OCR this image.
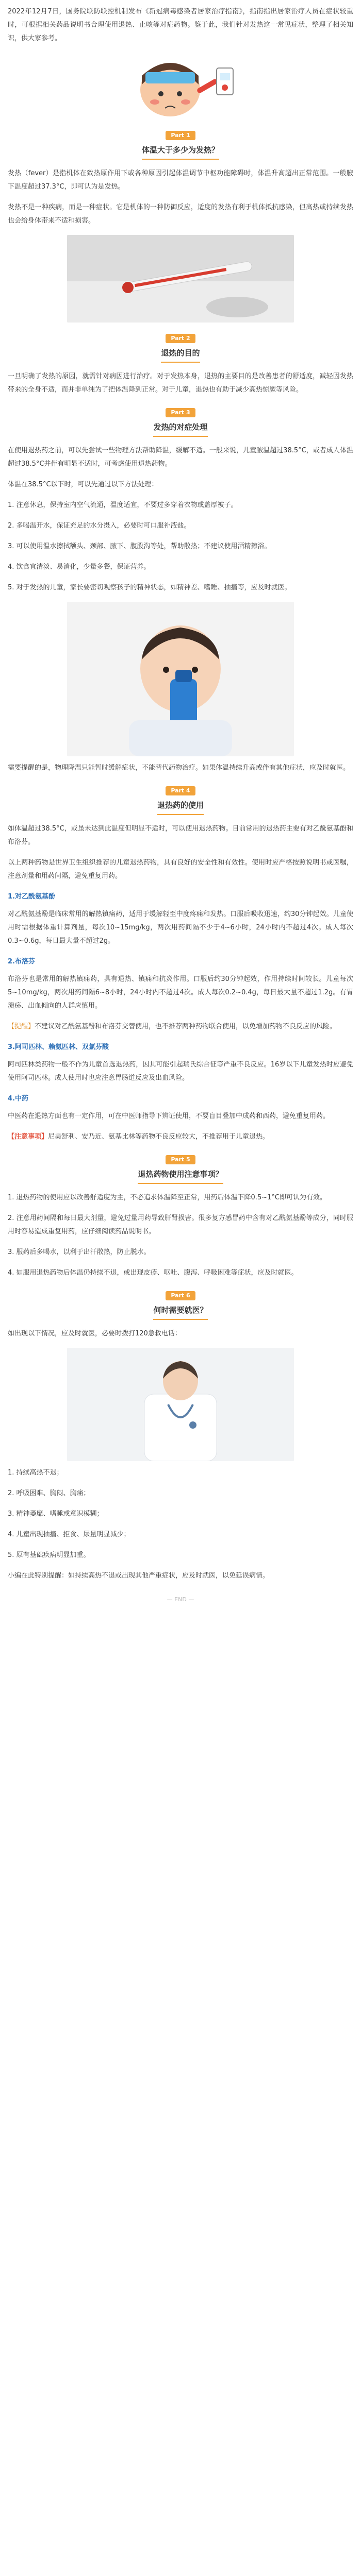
2022年12月7日，国务院联防联控机制发布《新冠病毒感染者居家治疗指南》，指南指出居家治疗人员在症状较重时，可根据相关药品说明书合理使用退热、止咳等对症药物。鉴于此，我们针对发热这一常见症状，整理了相关知识，供大家参考。

Part 1
体温大于多少为发热？

发热（fever）是指机体在致热原作用下或各种原因引起体温调节中枢功能障碍时，体温升高超出正常范围。一般腋下温度超过37.3°C，即可认为是发热。

发热不是一种疾病，而是一种症状。它是机体的一种防御反应，适度的发热有利于机体抵抗感染，但高热或持续发热也会给身体带来不适和损害。

Part 2
退热的目的

一旦明确了发热的原因，就需针对病因进行治疗。对于发热本身，退热的主要目的是改善患者的舒适度，减轻因发热带来的全身不适，而并非单纯为了把体温降到正常。对于儿童，退热也有助于减少高热惊厥等风险。

Part 3
发热的对症处理

在使用退热药之前，可以先尝试一些物理方法帮助降温，缓解不适。一般来说，儿童腋温超过38.5°C，或者成人体温超过38.5°C并伴有明显不适时，可考虑使用退热药物。

体温在38.5°C以下时，可以先通过以下方法处理：

1. 注意休息，保持室内空气流通，温度适宜，不要过多穿着衣物或盖厚被子。
2. 多喝温开水，保证充足的水分摄入，必要时可口服补液盐。
3. 可以使用温水擦拭额头、颈部、腋下、腹股沟等处，帮助散热；不建议使用酒精擦浴。
4. 饮食宜清淡、易消化，少量多餐，保证营养。
5. 对于发热的儿童，家长要密切观察孩子的精神状态，如精神差、嗜睡、抽搐等，应及时就医。

需要提醒的是，物理降温只能暂时缓解症状，不能替代药物治疗。如果体温持续升高或伴有其他症状，应及时就医。

Part 4
退热药的使用

如体温超过38.5°C，或虽未达到此温度但明显不适时，可以使用退热药物。目前常用的退热药主要有对乙酰氨基酚和布洛芬。

以上两种药物是世界卫生组织推荐的儿童退热药物，具有良好的安全性和有效性。使用时应严格按照说明书或医嘱，注意剂量和用药间隔，避免重复用药。

1.对乙酰氨基酚

对乙酰氨基酚是临床常用的解热镇痛药，适用于缓解轻至中度疼痛和发热。口服后吸收迅速，约30分钟起效。儿童使用时需根据体重计算剂量，每次10~15mg/kg，两次用药间隔不少于4~6小时，24小时内不超过4次。成人每次0.3~0.6g，每日最大量不超过2g。

2.布洛芬

布洛芬也是常用的解热镇痛药，具有退热、镇痛和抗炎作用。口服后约30分钟起效，作用持续时间较长。儿童每次5~10mg/kg，两次用药间隔6~8小时，24小时内不超过4次。成人每次0.2~0.4g，每日最大量不超过1.2g。有胃溃疡、出血倾向的人群应慎用。

【提醒】不建议对乙酰氨基酚和布洛芬交替使用，也不推荐两种药物联合使用，以免增加药物不良反应的风险。

3.阿司匹林、赖氨匹林、双氯芬酸

阿司匹林类药物一般不作为儿童首选退热药，因其可能引起瑞氏综合征等严重不良反应。16岁以下儿童发热时应避免使用阿司匹林。成人使用时也应注意胃肠道反应及出血风险。

4.中药

中医药在退热方面也有一定作用，可在中医师指导下辨证使用，不要盲目叠加中成药和西药，避免重复用药。

【注意事项】尼美舒利、安乃近、氨基比林等药物不良反应较大，不推荐用于儿童退热。

Part 5
退热药物使用注意事项？
1. 退热药物的使用应以改善舒适度为主，不必追求体温降至正常，用药后体温下降0.5~1°C即可认为有效。
2. 注意用药间隔和每日最大剂量，避免过量用药导致肝肾损害。很多复方感冒药中含有对乙酰氨基酚等成分，同时服用时容易造成重复用药，应仔细阅读药品说明书。
3. 服药后多喝水，以利于出汗散热，防止脱水。
4. 如服用退热药物后体温仍持续不退，或出现皮疹、呕吐、腹泻、呼吸困难等症状，应及时就医。
Part 6
何时需要就医？

如出现以下情况，应及时就医，必要时拨打120急救电话：

1. 持续高热不退；
2. 呼吸困难、胸闷、胸痛；
3. 精神萎靡、嗜睡或意识模糊；
4. 儿童出现抽搐、拒食、尿量明显减少；
5. 原有基础疾病明显加重。

小编在此特别提醒：如持续高热不退或出现其他严重症状，应及时就医，以免延误病情。

— END —
